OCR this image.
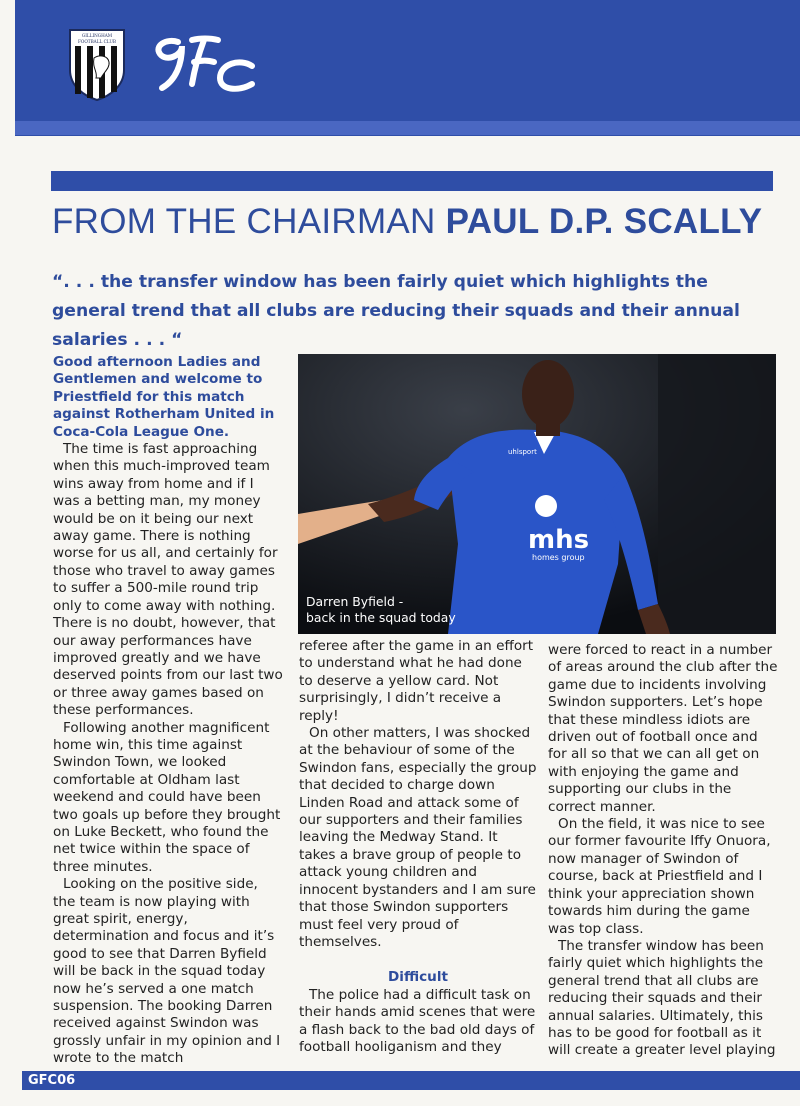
GILLINGHAM
FOOTBALL CLUB
FROM THE CHAIRMAN PAUL D.P. SCALLY
“. . . the transfer window has been fairly quiet which highlights the general trend that all clubs are reducing their squads and their annual salaries . . . “

Good afternoon Ladies and Gentlemen and welcome to Priestfield for this match against Rotherham United in Coca-Cola League One.

The time is fast approaching when this much-improved team wins away from home and if I was a betting man, my money would be on it being our next away game. There is nothing worse for us all, and certainly for those who travel to away games to suffer a 500-mile round trip only to come away with nothing. There is no doubt, however, that our away performances have improved greatly and we have deserved points from our last two or three away games based on these performances.

Following another magnificent home win, this time against Swindon Town, we looked comfortable at Oldham last weekend and could have been two goals up before they brought on Luke Beckett, who found the net twice within the space of three minutes.

Looking on the positive side, the team is now playing with great spirit, energy, determination and focus and it’s good to see that Darren Byfield will be back in the squad today now he’s served a one match suspension. The booking Darren received against Swindon was grossly unfair in my opinion and I wrote to the match

mhs
homes group
uhlsport
Darren Byfield -
back in the squad today

referee after the game in an effort to understand what he had done to deserve a yellow card. Not surprisingly, I didn’t receive a reply!

On other matters, I was shocked at the behaviour of some of the Swindon fans, especially the group that decided to charge down Linden Road and attack some of our supporters and their families leaving the Medway Stand. It takes a brave group of people to attack young children and innocent bystanders and I am sure that those Swindon supporters must feel very proud of themselves.

Difficult

The police had a difficult task on their hands amid scenes that were a flash back to the bad old days of football hooliganism and they

were forced to react in a number of areas around the club after the game due to incidents involving Swindon supporters. Let’s hope that these mindless idiots are driven out of football once and for all so that we can all get on with enjoying the game and supporting our clubs in the correct manner.

On the field, it was nice to see our former favourite Iffy Onuora, now manager of Swindon of course, back at Priestfield and I think your appreciation shown towards him during the game was top class.

The transfer window has been fairly quiet which highlights the general trend that all clubs are reducing their squads and their annual salaries. Ultimately, this has to be good for football as it will create a greater level playing

GFC06
